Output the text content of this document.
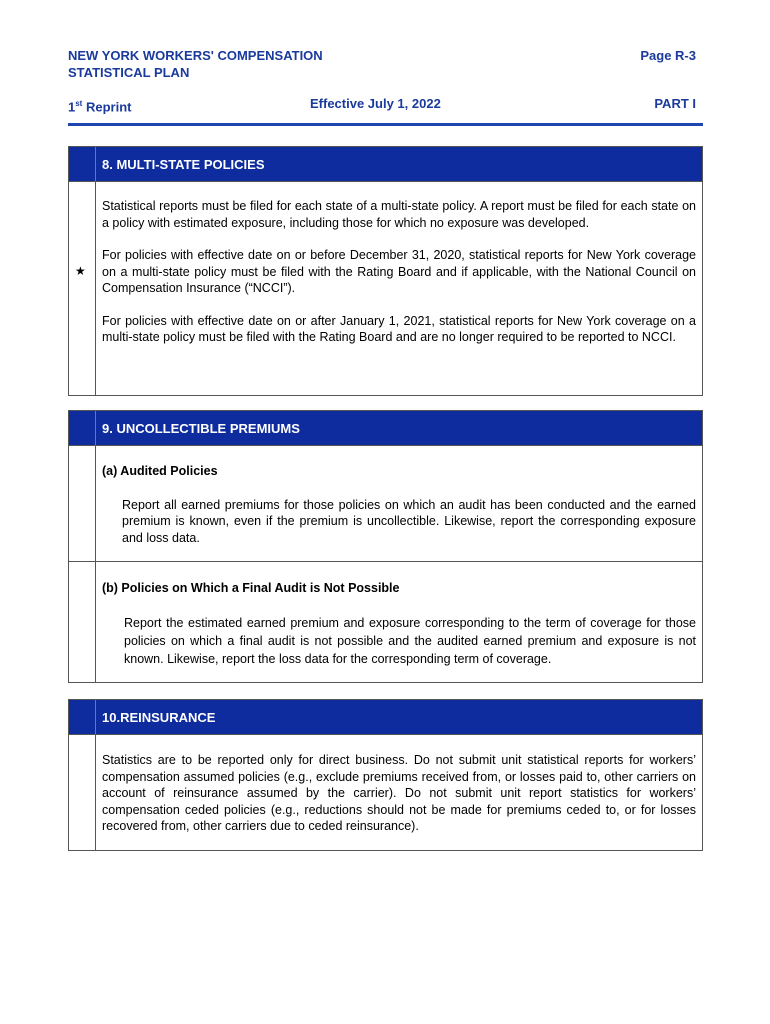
NEW YORK WORKERS' COMPENSATION
STATISTICAL PLAN
Page R-3
1st Reprint	Effective July 1, 2022	PART I
8. MULTI-STATE POLICIES
★

Statistical reports must be filed for each state of a multi-state policy. A report must be filed for each state on a policy with estimated exposure, including those for which no exposure was developed.

For policies with effective date on or before December 31, 2020, statistical reports for New York coverage on a multi-state policy must be filed with the Rating Board and if applicable, with the National Council on Compensation Insurance (“NCCI”).

For policies with effective date on or after January 1, 2021, statistical reports for New York coverage on a multi-state policy must be filed with the Rating Board and are no longer required to be reported to NCCI.

9. UNCOLLECTIBLE PREMIUMS
(a) Audited Policies

Report all earned premiums for those policies on which an audit has been conducted and the earned premium is known, even if the premium is uncollectible. Likewise, report the corresponding exposure and loss data.

(b) Policies on Which a Final Audit is Not Possible

Report the estimated earned premium and exposure corresponding to the term of coverage for those policies on which a final audit is not possible and the audited earned premium and exposure is not known. Likewise, report the loss data for the corresponding term of coverage.

10.REINSURANCE

Statistics are to be reported only for direct business. Do not submit unit statistical reports for workers’ compensation assumed policies (e.g., exclude premiums received from, or losses paid to, other carriers on account of reinsurance assumed by the carrier). Do not submit unit report statistics for workers’ compensation ceded policies (e.g., reductions should not be made for premiums ceded to, or for losses recovered from, other carriers due to ceded reinsurance).
